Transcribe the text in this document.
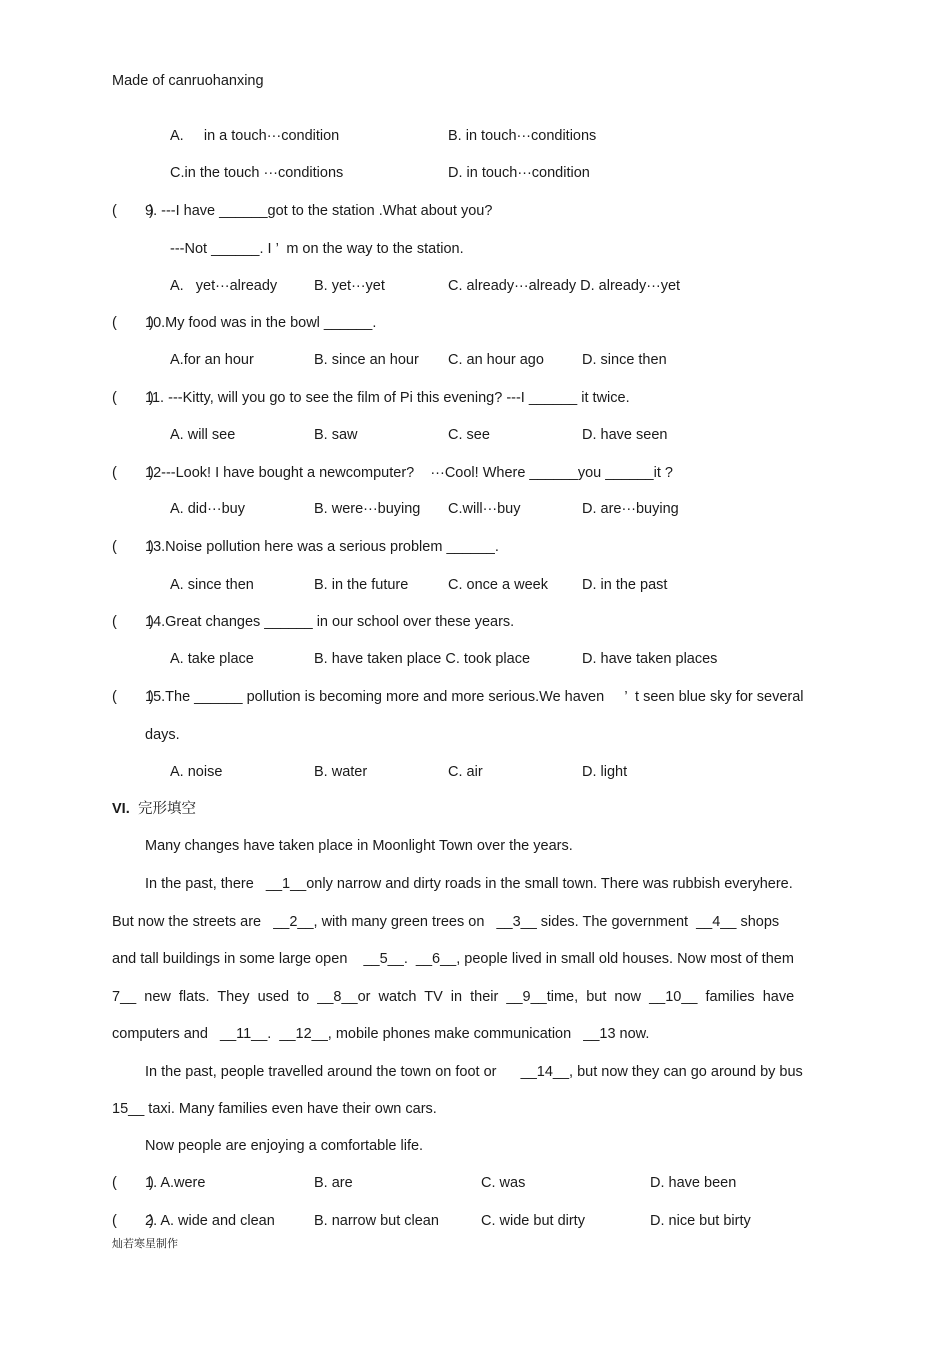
Made of canruohanxing
A.     in a touch···condition	B. in touch···conditions
C.in the touch ···conditions	D. in touch···condition
(        )
9. ---I have ______got to the station .What about you?
---Not ______. I ’  m on the way to the station.
A.   yet···already	B. yet···yet	C. already···already D. already···yet
(        )
10.My food was in the bowl ______.
A.for an hour	B. since an hour C. an hour ago	D. since then
(        )
11. ---Kitty, will you go to see the film of Pi this evening? ---I ______ it twice.
A. will see	B. saw	C. see	D. have seen
(        )
12---Look! I have bought a newcomputer?    ···Cool! Where ______you ______it ?
A. did···buy	B. were···buying C.will···buy	D. are···buying
(        )
13.Noise pollution here was a serious problem ______.
A. since then	B. in the future	C. once a week D. in the past
(        )
14.Great changes ______ in our school over these years.
A. take place	B. have taken place C. took place	D. have taken places
(        )
15.The ______ pollution is becoming more and more serious.We haven     ’  t seen blue sky for several
days.
A. noise	B. water	C. air	D. light
VI. 完形填空
Many changes have taken place in Moonlight Town over the years.
In the past, there   __1__only narrow and dirty roads in the small town. There was rubbish everyhere.
But now the streets are   __2__, with many green trees on   __3__ sides. The government  __4__ shops
and tall buildings in some large open    __5__.  __6__, people lived in small old houses. Now most of them
7__  new  flats.  They  used  to  __8__or  watch  TV  in  their  __9__time,  but  now  __10__  families  have
computers and   __11__.  __12__, mobile phones make communication   __13 now.
In the past, people travelled around the town on foot or      __14__, but now they can go around by bus
15__ taxi. Many families even have their own cars.
Now people are enjoying a comfortable life.
(        )
1. A.were	B. are	C. was	D. have been
(        )
2. A. wide and clean	B. narrow but clean	C. wide but dirty	D. nice but birty
灿若寒星制作
